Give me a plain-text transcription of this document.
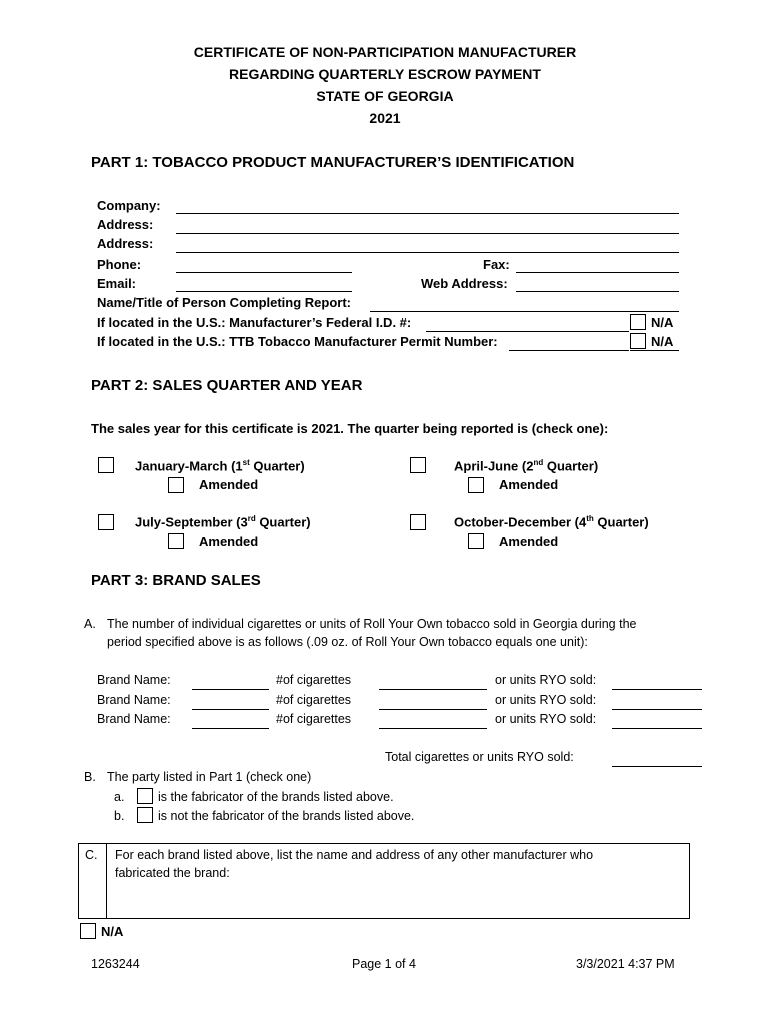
CERTIFICATE OF NON-PARTICIPATION MANUFACTURER
REGARDING QUARTERLY ESCROW PAYMENT
STATE OF GEORGIA
2021
PART 1: TOBACCO PRODUCT MANUFACTURER’S IDENTIFICATION
Company:
Address:
Address:
Phone:	Fax:
Email:	Web Address:
Name/Title of Person Completing Report:
If located in the U.S.: Manufacturer’s Federal I.D. #:	N/A
If located in the U.S.: TTB Tobacco Manufacturer Permit Number:	N/A
PART 2: SALES QUARTER AND YEAR
The sales year for this certificate is 2021. The quarter being reported is (check one):
January-March (1st Quarter)
Amended
April-June (2nd Quarter)
Amended
July-September (3rd Quarter)
Amended
October-December (4th Quarter)
Amended
PART 3: BRAND SALES
A. The number of individual cigarettes or units of Roll Your Own tobacco sold in Georgia during the
period specified above is as follows (.09 oz. of Roll Your Own tobacco equals one unit):
Brand Name:	#of cigarettes	or units RYO sold:
Brand Name:	#of cigarettes	or units RYO sold:
Brand Name:	#of cigarettes	or units RYO sold:
Total cigarettes or units RYO sold:
B. The party listed in Part 1 (check one)
a.	is the fabricator of the brands listed above.
b.	is not the fabricator of the brands listed above.
C. For each brand listed above, list the name and address of any other manufacturer who
fabricated the brand:
N/A
1263244	Page 1 of 4	3/3/2021 4:37 PM
